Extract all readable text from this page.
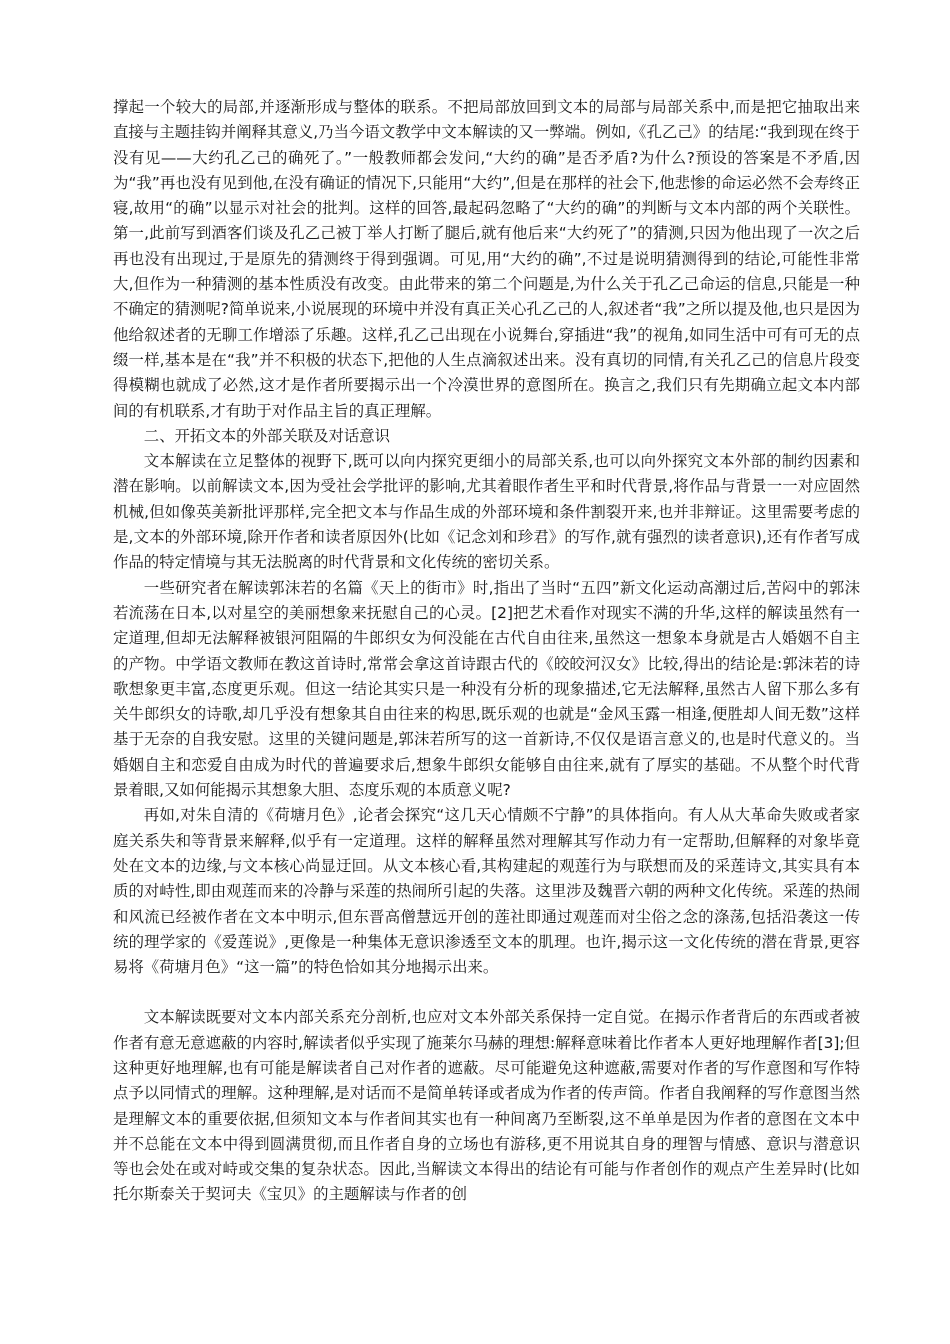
撑起一个较大的局部,并逐渐形成与整体的联系。不把局部放回到文本的局部与局部关系中,而是把它抽取出来直接与主题挂钩并阐释其意义,乃当今语文教学中文本解读的又一弊端。例如,《孔乙己》的结尾:“我到现在终于没有见——大约孔乙己的确死了。”一般教师都会发问,“大约的确”是否矛盾?为什么?预设的答案是不矛盾,因为“我”再也没有见到他,在没有确证的情况下,只能用“大约”,但是在那样的社会下,他悲惨的命运必然不会寿终正寝,故用“的确”以显示对社会的批判。这样的回答,最起码忽略了“大约的确”的判断与文本内部的两个关联性。第一,此前写到酒客们谈及孔乙己被丁举人打断了腿后,就有他后来“大约死了”的猜测,只因为他出现了一次之后再也没有出现过,于是原先的猜测终于得到强调。可见,用“大约的确”,不过是说明猜测得到的结论,可能性非常大,但作为一种猜测的基本性质没有改变。由此带来的第二个问题是,为什么关于孔乙己命运的信息,只能是一种不确定的猜测呢?简单说来,小说展现的环境中并没有真正关心孔乙己的人,叙述者“我”之所以提及他,也只是因为他给叙述者的无聊工作增添了乐趣。这样,孔乙己出现在小说舞台,穿插进“我”的视角,如同生活中可有可无的点缀一样,基本是在“我”并不积极的状态下,把他的人生点滴叙述出来。没有真切的同情,有关孔乙己的信息片段变得模糊也就成了必然,这才是作者所要揭示出一个冷漠世界的意图所在。换言之,我们只有先期确立起文本内部间的有机联系,才有助于对作品主旨的真正理解。

二、开拓文本的外部关联及对话意识

文本解读在立足整体的视野下,既可以向内探究更细小的局部关系,也可以向外探究文本外部的制约因素和潜在影响。以前解读文本,因为受社会学批评的影响,尤其着眼作者生平和时代背景,将作品与背景一一对应固然机械,但如像英美新批评那样,完全把文本与作品生成的外部环境和条件割裂开来,也并非辩证。这里需要考虑的是,文本的外部环境,除开作者和读者原因外(比如《记念刘和珍君》的写作,就有强烈的读者意识),还有作者写成作品的特定情境与其无法脱离的时代背景和文化传统的密切关系。

一些研究者在解读郭沫若的名篇《天上的街市》时,指出了当时“五四”新文化运动高潮过后,苦闷中的郭沫若流荡在日本,以对星空的美丽想象来抚慰自己的心灵。[2]把艺术看作对现实不满的升华,这样的解读虽然有一定道理,但却无法解释被银河阻隔的牛郎织女为何没能在古代自由往来,虽然这一想象本身就是古人婚姻不自主的产物。中学语文教师在教这首诗时,常常会拿这首诗跟古代的《皎皎河汉女》比较,得出的结论是:郭沫若的诗歌想象更丰富,态度更乐观。但这一结论其实只是一种没有分析的现象描述,它无法解释,虽然古人留下那么多有关牛郎织女的诗歌,却几乎没有想象其自由往来的构思,既乐观的也就是“金风玉露一相逢,便胜却人间无数”这样基于无奈的自我安慰。这里的关键问题是,郭沫若所写的这一首新诗,不仅仅是语言意义的,也是时代意义的。当婚姻自主和恋爱自由成为时代的普遍要求后,想象牛郎织女能够自由往来,就有了厚实的基础。不从整个时代背景着眼,又如何能揭示其想象大胆、态度乐观的本质意义呢?

再如,对朱自清的《荷塘月色》,论者会探究“这几天心情颇不宁静”的具体指向。有人从大革命失败或者家庭关系失和等背景来解释,似乎有一定道理。这样的解释虽然对理解其写作动力有一定帮助,但解释的对象毕竟处在文本的边缘,与文本核心尚显迂回。从文本核心看,其构建起的观莲行为与联想而及的采莲诗文,其实具有本质的对峙性,即由观莲而来的冷静与采莲的热闹所引起的失落。这里涉及魏晋六朝的两种文化传统。采莲的热闹和风流已经被作者在文本中明示,但东晋高僧慧远开创的莲社即通过观莲而对尘俗之念的涤荡,包括沿袭这一传统的理学家的《爱莲说》,更像是一种集体无意识渗透至文本的肌理。也许,揭示这一文化传统的潜在背景,更容易将《荷塘月色》“这一篇”的特色恰如其分地揭示出来。

文本解读既要对文本内部关系充分剖析,也应对文本外部关系保持一定自觉。在揭示作者背后的东西或者被作者有意无意遮蔽的内容时,解读者似乎实现了施莱尔马赫的理想:解释意味着比作者本人更好地理解作者[3];但这种更好地理解,也有可能是解读者自己对作者的遮蔽。尽可能避免这种遮蔽,需要对作者的写作意图和写作特点予以同情式的理解。这种理解,是对话而不是简单转译或者成为作者的传声筒。作者自我阐释的写作意图当然是理解文本的重要依据,但须知文本与作者间其实也有一种间离乃至断裂,这不单单是因为作者的意图在文本中并不总能在文本中得到圆满贯彻,而且作者自身的立场也有游移,更不用说其自身的理智与情感、意识与潜意识等也会处在或对峙或交集的复杂状态。因此,当解读文本得出的结论有可能与作者创作的观点产生差异时(比如托尔斯泰关于契诃夫《宝贝》的主题解读与作者的创
